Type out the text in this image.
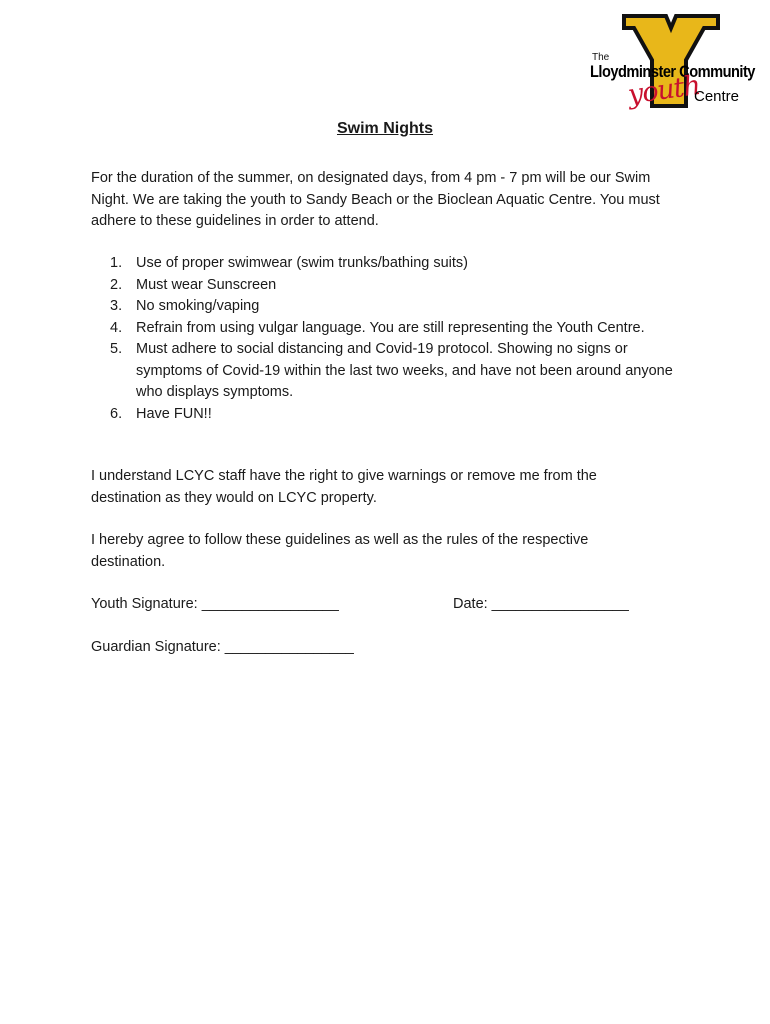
The
Lloydminster Community
youth
Centre
Swim Nights

For the duration of the summer, on designated days, from 4 pm - 7 pm will be our Swim Night. We are taking the youth to Sandy Beach or the Bioclean Aquatic Centre. You must adhere to these guidelines in order to attend.

1. Use of proper swimwear (swim trunks/bathing suits)
2. Must wear Sunscreen
3. No smoking/vaping
4. Refrain from using vulgar language. You are still representing the Youth Centre.
5. Must adhere to social distancing and Covid-19 protocol. Showing no signs or symptoms of Covid-19 within the last two weeks, and have not been around anyone who displays symptoms.
6. Have FUN!!

I understand LCYC staff have the right to give warnings or remove me from the destination as they would on LCYC property.

I hereby agree to follow these guidelines as well as the rules of the respective destination.

Youth Signature: _________________	Date: _________________
Guardian Signature: ________________
